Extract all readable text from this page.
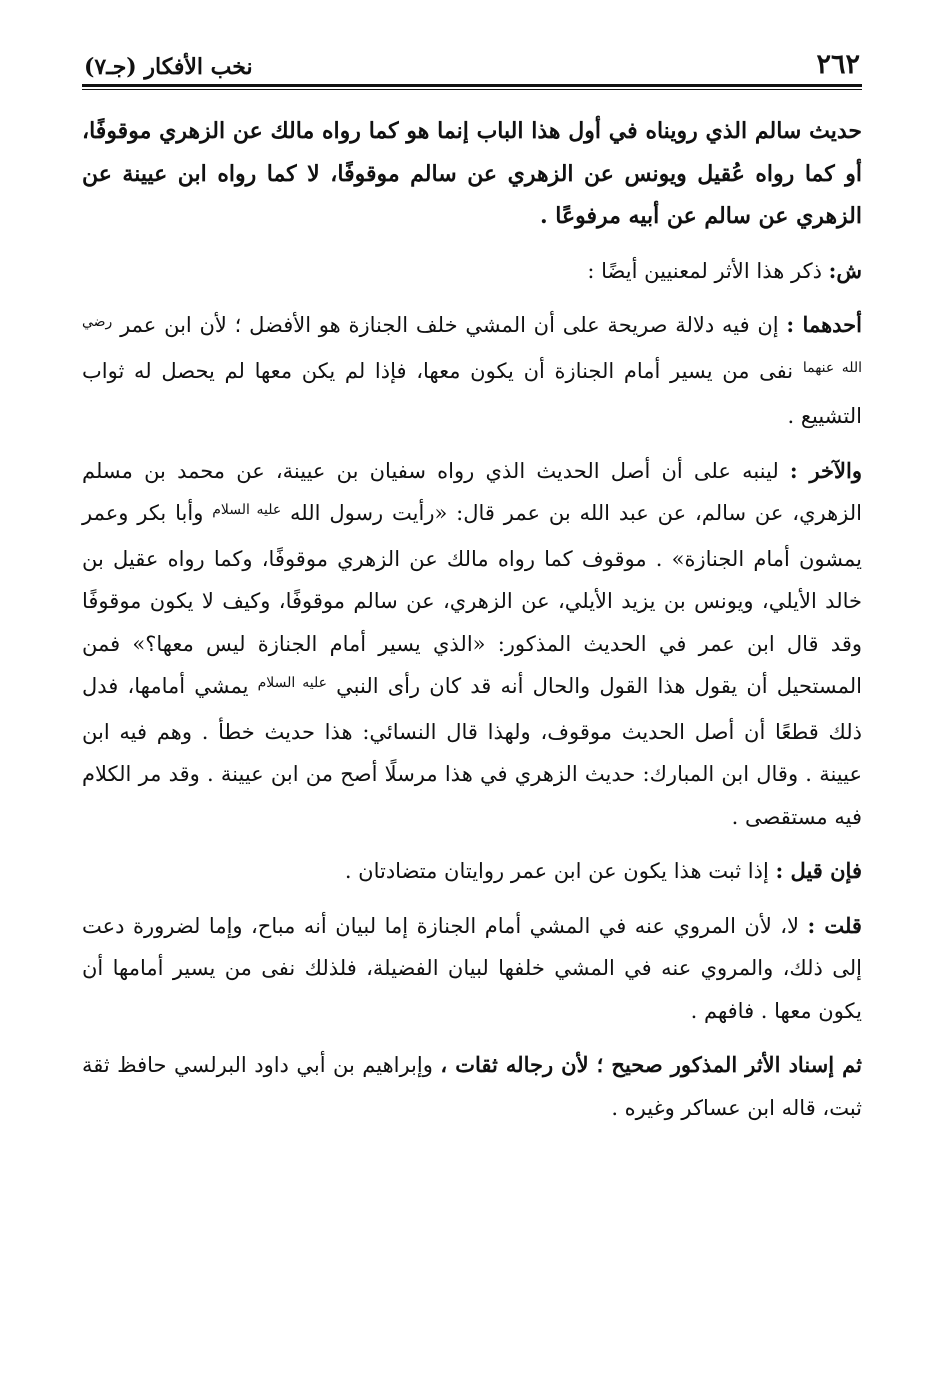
٢٦٢
نخب الأفكار (جـ٧)

حديث سالم الذي رويناه في أول هذا الباب إنما هو كما رواه مالك عن الزهري موقوفًا، أو كما رواه عُقيل ويونس عن الزهري عن سالم موقوفًا، لا كما رواه ابن عيينة عن الزهري عن سالم عن أبيه مرفوعًا .

ش: ذكر هذا الأثر لمعنيين أيضًا :

أحدهما : إن فيه دلالة صريحة على أن المشي خلف الجنازة هو الأفضل ؛ لأن ابن عمر $^{رضي الله عنهما}$ نفى من يسير أمام الجنازة أن يكون معها، فإذا لم يكن معها لم يحصل له ثواب التشييع .

والآخر : لينبه على أن أصل الحديث الذي رواه سفيان بن عيينة، عن محمد بن مسلم الزهري، عن سالم، عن عبد الله بن عمر قال: «رأيت رسول الله $^{عليه السلام}$ وأبا بكر وعمر يمشون أمام الجنازة» . موقوف كما رواه مالك عن الزهري موقوفًا، وكما رواه عقيل بن خالد الأيلي، ويونس بن يزيد الأيلي، عن الزهري، عن سالم موقوفًا، وكيف لا يكون موقوفًا وقد قال ابن عمر في الحديث المذكور: «الذي يسير أمام الجنازة ليس معها؟» فمن المستحيل أن يقول هذا القول والحال أنه قد كان رأى النبي $^{عليه السلام}$ يمشي أمامها، فدل ذلك قطعًا أن أصل الحديث موقوف، ولهذا قال النسائي: هذا حديث خطأ . وهم فيه ابن عيينة . وقال ابن المبارك: حديث الزهري في هذا مرسلًا أصح من ابن عيينة . وقد مر الكلام فيه مستقصى .

فإن قيل : إذا ثبت هذا يكون عن ابن عمر روايتان متضادتان .

قلت : لا، لأن المروي عنه في المشي أمام الجنازة إما لبيان أنه مباح، وإما لضرورة دعت إلى ذلك، والمروي عنه في المشي خلفها لبيان الفضيلة، فلذلك نفى من يسير أمامها أن يكون معها . فافهم .

ثم إسناد الأثر المذكور صحيح ؛ لأن رجاله ثقات ، وإبراهيم بن أبي داود البرلسي حافظ ثقة ثبت، قاله ابن عساكر وغيره .
